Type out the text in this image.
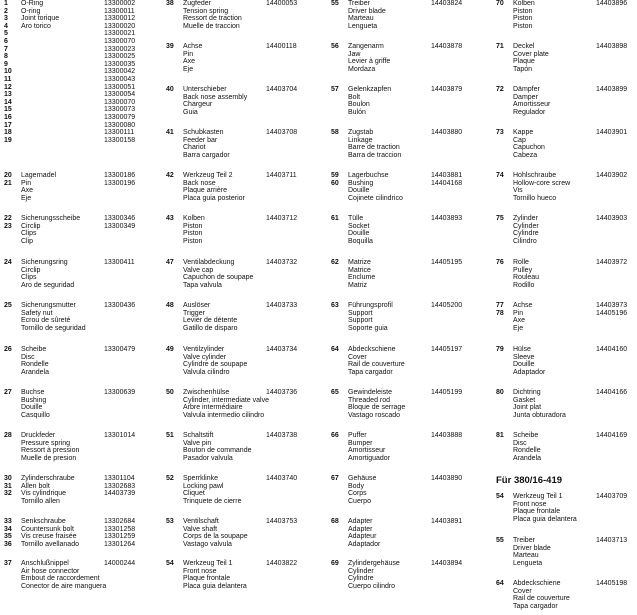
1 O-Ring	13300002
2 O-ring	13300011
3 Joint torique	13300012
4 Aro torico	13300020
5	13300021
6	13300070
7	13300023
8	13300025
9	13300035
10	13300042
11	13300043
12	13300051
13	13300054
14	13300070
15	13300073
16	13300079
17	13300080
18	13300111
19	13300158
20 Lagernadel	13300186
21 Pin	13300196
Axe
Eje
22 Sicherungsscheibe	13300346
23 Circlip	13300349
Clips
Clip
24 Sicherungsring	13300411
Circlip
Clips
Aro de seguridad
25 Sicherungsmutter	13300436
Safety nut
Ecrou de sûreté
Tornillo de seguridad
26 Scheibe	13300479
Disc
Rondelle
Arandela
27 Buchse	13300639
Bushing
Douille
Casquillo
28 Druckfeder	13301014
Pressure spring
Ressort à pression
Muelle de presion
30 Zylinderschraube	13301104
31 Allen bolt	13302683
32 Vis cylindrique	14403739
Tornillo allen
33 Senkschraube	13302684
34 Countersunk bolt	13301258
35 Vis creuse fraisée	13301259
36 Tornillo avellanado	13301264
37 Anschlußnippel	14000244
Air hose connector
Embout de raccordement
Conector de aire manguera
38 Zugfeder	14400053
Tension spring
Ressort de traction
Muelle de traccion
39 Achse	14400118
Pin
Axe
Eje
40 Unterschieber	14403704
Back nose assembly
Chargeur
Guia
41 Schubkasten	14403708
Feeder bar
Chariot
Barra cargador
42 Werkzeug Teil 2	14403711
Back nose
Plaque arrière
Placa guia posterior
43 Kolben	14403712
Piston
Piston
Piston
47 Ventilabdeckung	14403732
Valve cap
Capuchon de soupape
Tapa valvula
48 Auslöser	14403733
Trigger
Levier de détente
Gatillo de disparo
49 Ventilzylinder	14403734
Valve cylinder
Cylindre de soupape
Valvula cilindro
50 Zwischenhülse	14403736
Cylinder, intermediate valve
Arbre intermédiaire
Valvula intermedio cilindro
51 Schaltstift	14403738
Valve pin
Bouton de commande
Pasador valvula
52 Sperrklinke	14403740
Locking pawl
Cliquet
Trinquete de cierre
53 Ventilschaft	14403753
Valve shaft
Corps de la soupape
Vastago valvula
54 Werkzeug Teil 1	14403822
Front nose
Plaque frontale
Placa guia delantera
55 Treiber	14403824
Driver blade
Marteau
Lengueta
56 Zangenarm	14403878
Jaw
Levier à griffe
Mordaza
57 Gelenkzapfen	14403879
Bolt
Boulon
Bulón
58 Zugstab	14403880
Linkage
Barre de traction
Barra de traccion
59 Lagerbuchse	14403881
60 Bushing	14404168
Douille
Cojinete cilindrico
61 Tülle	14403893
Socket
Douille
Boquilla
62 Matrize	14405195
Matrice
Enclume
Matriz
63 Führungsprofil	14405200
Support
Support
Soporte guia
64 Abdeckschiene	14405197
Cover
Rail de couverture
Tapa cargador
65 Gewindeleiste	14405199
Threaded rod
Bloque de serrage
Vastago roscado
66 Puffer	14403888
Bumper
Amortisseur
Amortiguador
67 Gehäuse	14403890
Body
Corps
Cuerpo
68 Adapter	14403891
Adapter
Adapteur
Adaptador
69 Zylindergehäuse	14403894
Cylinder
Cylindre
Cuerpo cilindro
70 Kolben	14403896
Piston
Piston
Piston
71 Deckel	14403898
Cover plate
Plaque
Tapón
72 Dämpfer	14403899
Damper
Amortisseur
Regulador
73 Kappe	14403901
Cap
Capuchon
Cabeza
74 Hohlschraube	14403902
Hollow-core screw
Vis
Tornillo hueco
75 Zylinder	14403903
Cylinder
Cylindre
Cilindro
76 Rolle	14403972
Pulley
Rouleau
Rodillo
77 Achse	14403973
78 Pin	14405196
Axe
Eje
79 Hülse	14404160
Sleeve
Douille
Adaptador
80 Dichtring	14404166
Gasket
Joint plat
Junta obturadora
81 Scheibe	14404169
Disc
Rondelle
Arandela
54 Werkzeug Teil 1	14403709
Front nose
Plaque frontale
Placa guia delantera
55 Treiber	14403713
Driver blade
Marteau
Lengueta
64 Abdeckschiene	14405198
Cover
Rail de couverture
Tapa cargador
Für 380/16-419
